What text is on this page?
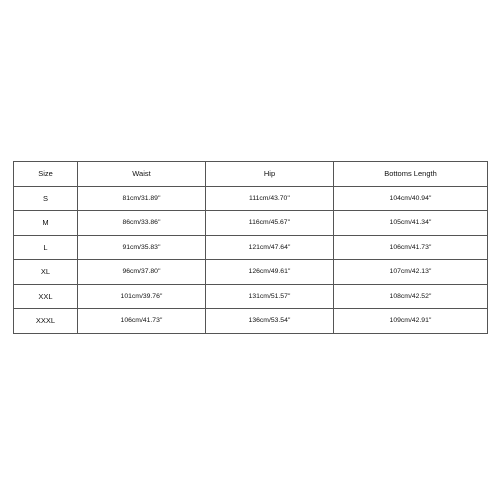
Size	Waist	Hip	Bottoms Length
S	81cm/31.89''	111cm/43.70''	104cm/40.94''
M	86cm/33.86''	116cm/45.67''	105cm/41.34''
L	91cm/35.83''	121cm/47.64''	106cm/41.73''
XL	96cm/37.80''	126cm/49.61''	107cm/42.13''
XXL	101cm/39.76''	131cm/51.57''	108cm/42.52''
XXXL	106cm/41.73''	136cm/53.54''	109cm/42.91''
